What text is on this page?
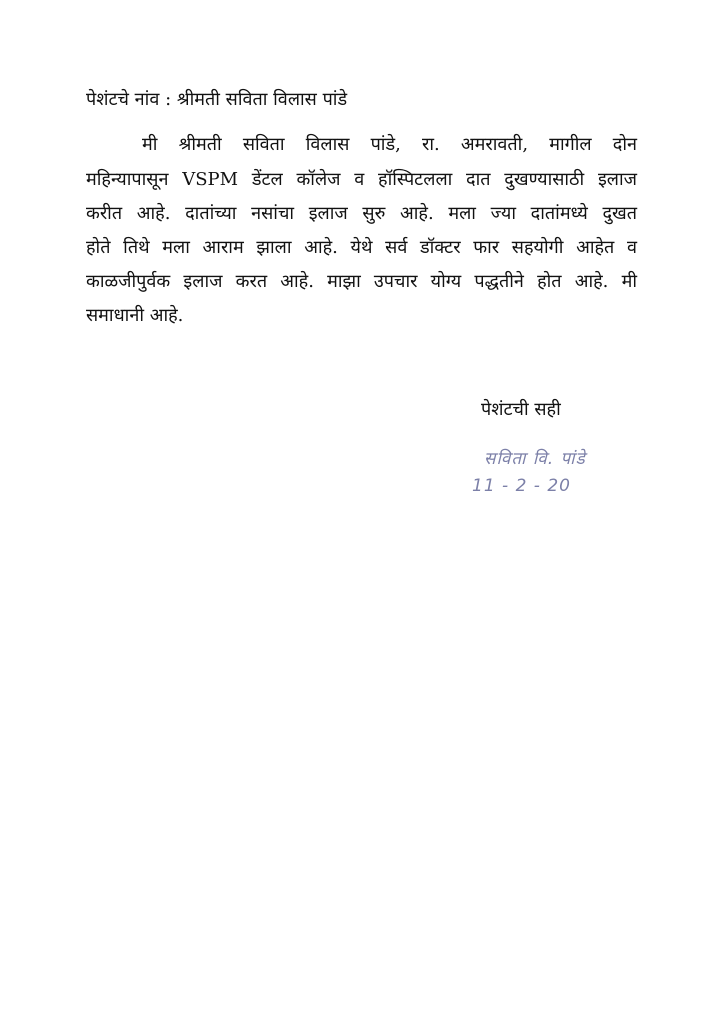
पेशंटचे नांव : श्रीमती सविता विलास पांडे
मी श्रीमती सविता विलास पांडे, रा. अमरावती, मागील दोन
महिन्यापासून VSPM डेंटल कॉलेज व हॉस्पिटलला दात दुखण्यासाठी इलाज
करीत आहे. दातांच्या नसांचा इलाज सुरु आहे. मला ज्या दातांमध्ये दुखत
होते तिथे मला आराम झाला आहे. येथे सर्व डॉक्टर फार सहयोगी आहेत व
काळजीपुर्वक इलाज करत आहे. माझा उपचार योग्य पद्धतीने होत आहे. मी
समाधानी आहे.
पेशंटची सही
सविता वि. पांडे
11 - 2 - 20
